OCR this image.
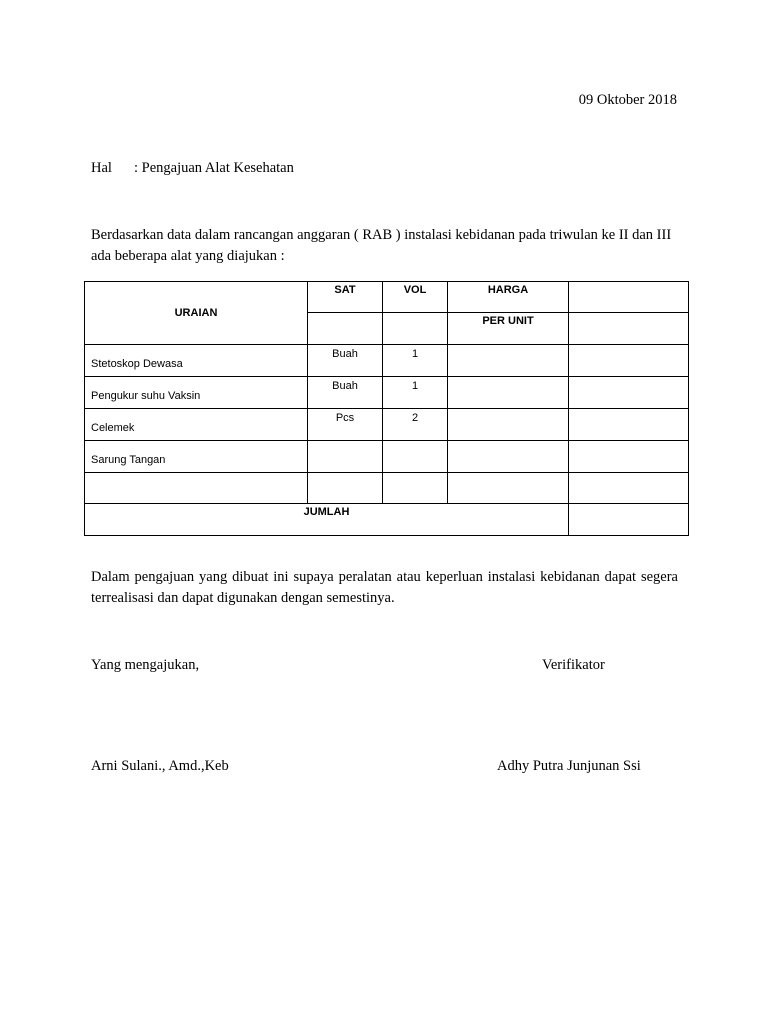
09 Oktober 2018
Hal : Pengajuan Alat Kesehatan
Berdasarkan data dalam rancangan anggaran ( RAB ) instalasi kebidanan pada triwulan ke II dan III ada beberapa alat yang diajukan :
URAIAN	SAT	VOL	HARGA	
			PER UNIT	
Stetoskop Dewasa	Buah	1		
Pengukur suhu Vaksin	Buah	1		
Celemek	Pcs	2		
Sarung Tangan				

JUMLAH				
Dalam pengajuan yang dibuat ini supaya peralatan atau keperluan instalasi kebidanan dapat segera terrealisasi dan dapat digunakan dengan semestinya.
Yang mengajukan,	Verifikator
Arni Sulani., Amd.,Keb	Adhy Putra Junjunan Ssi
